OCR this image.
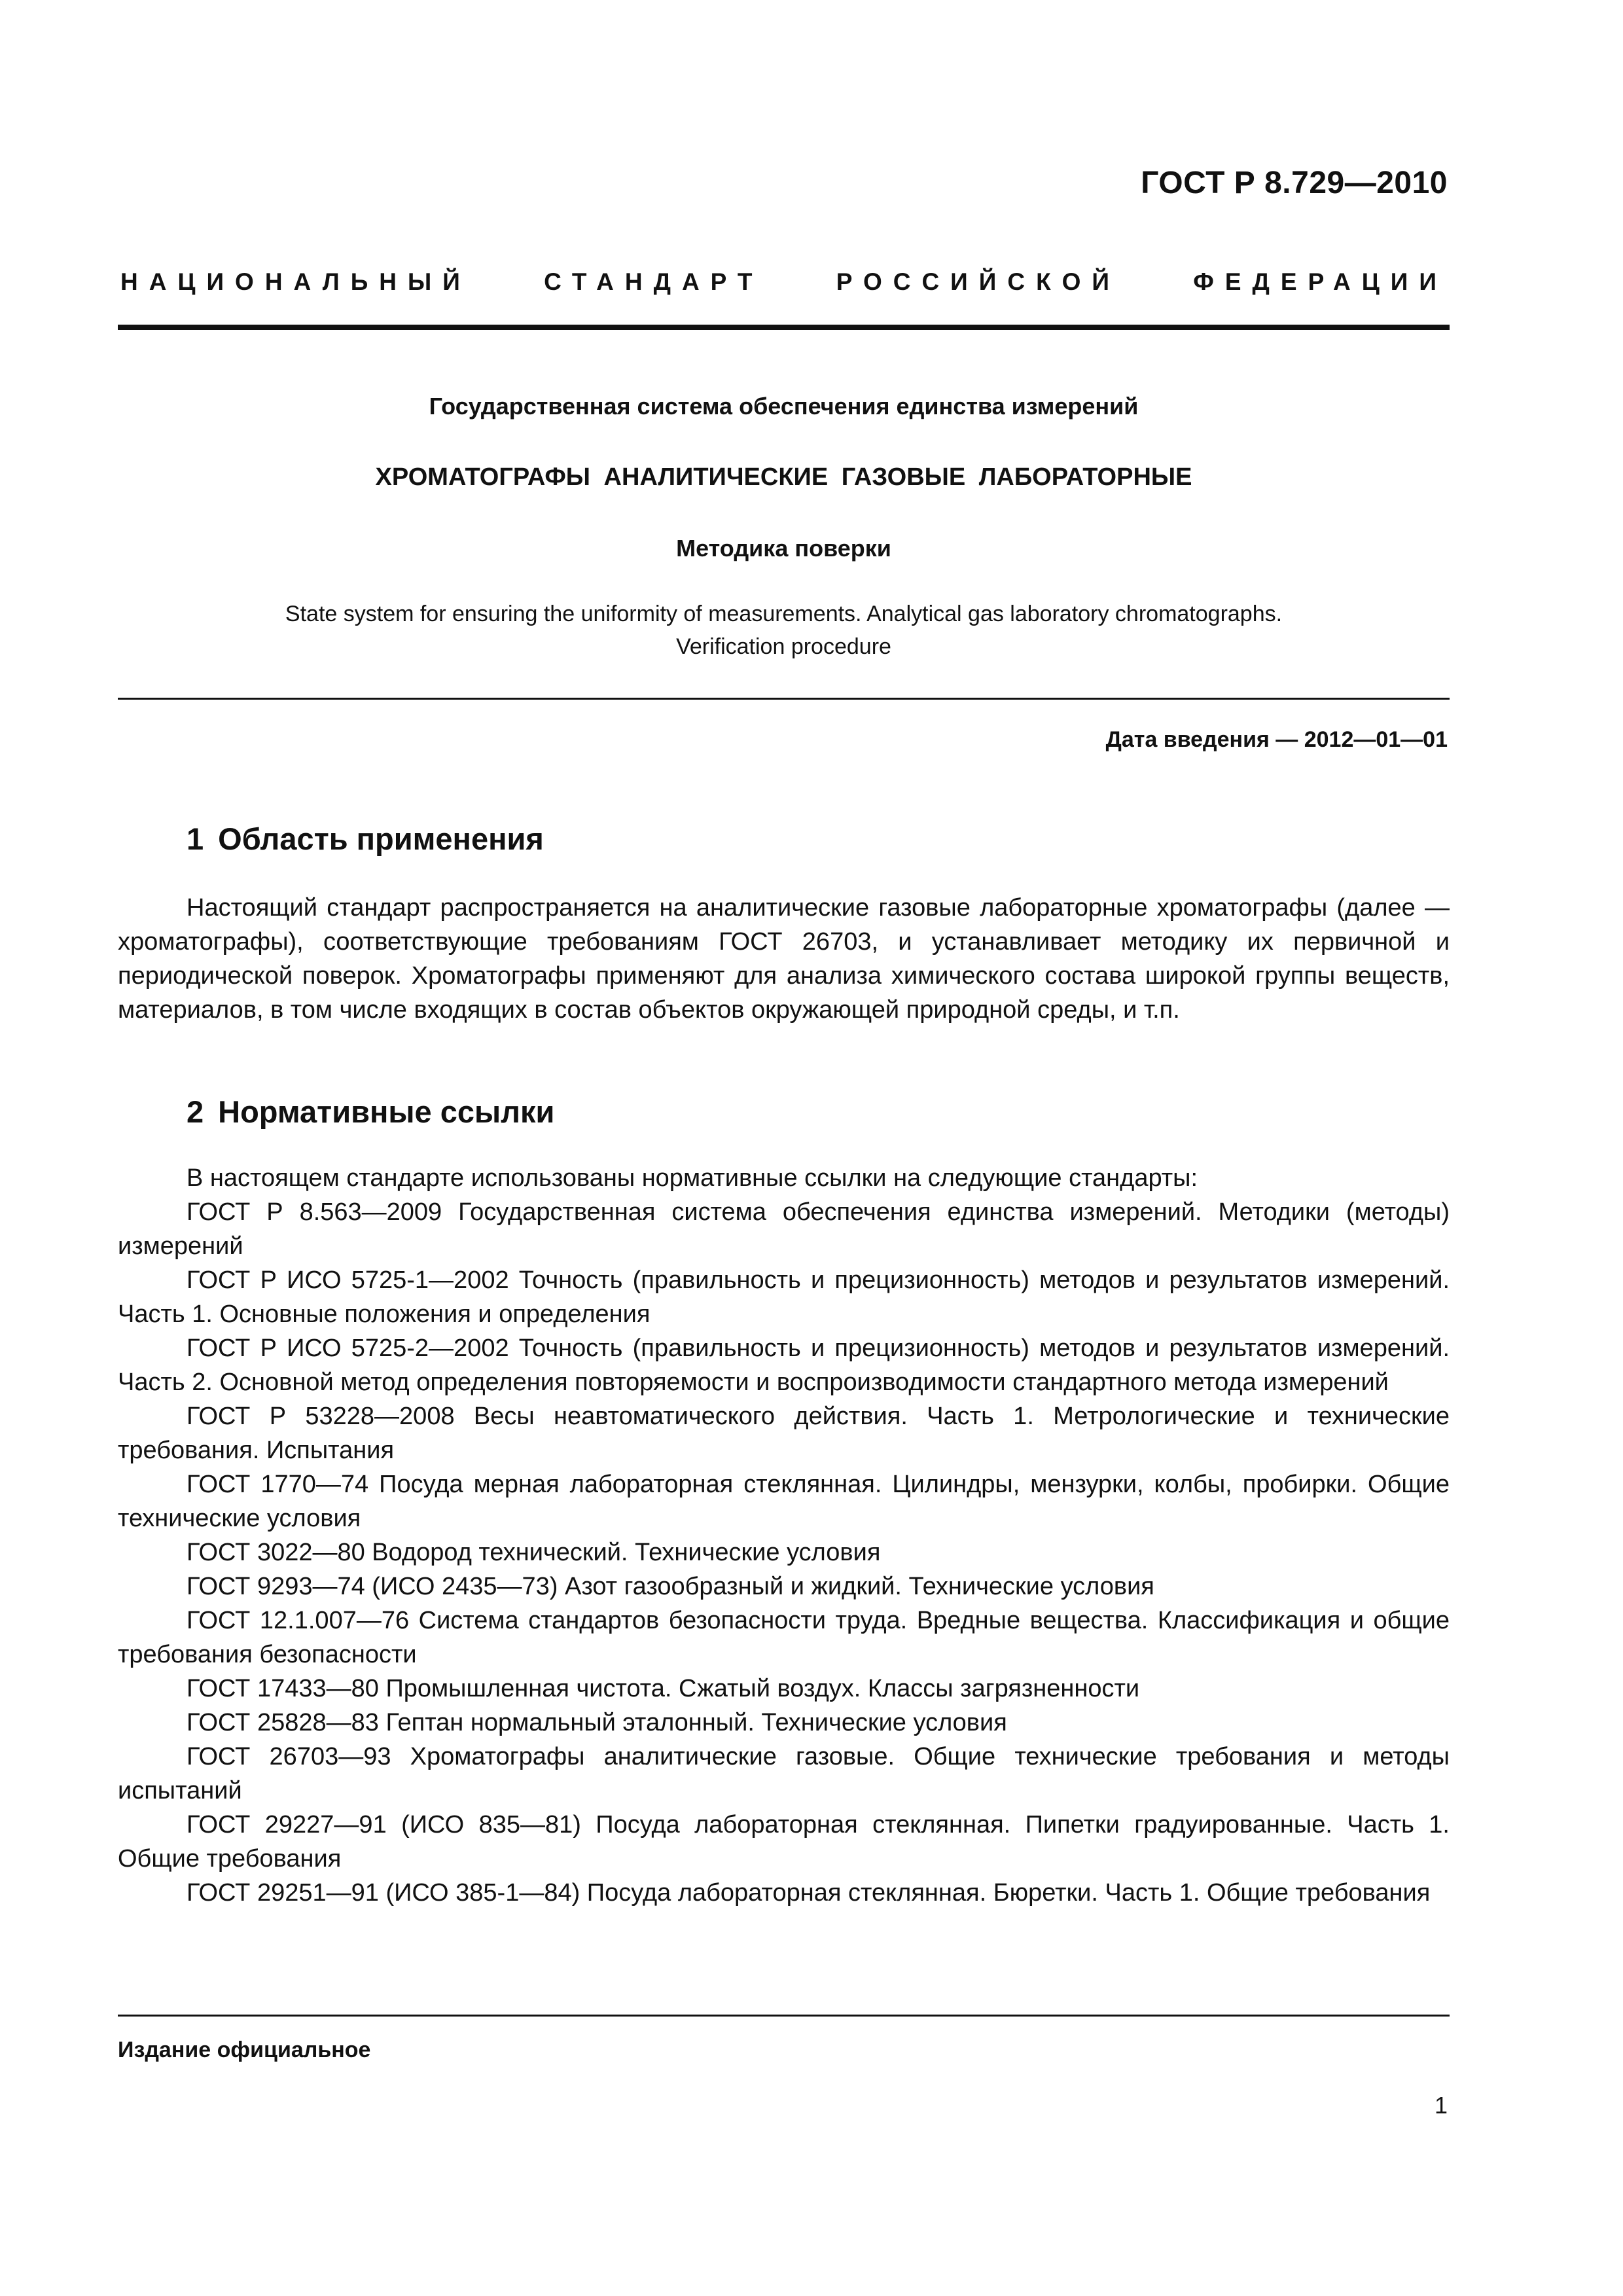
ГОСТ Р 8.729—2010
НАЦИОНАЛЬНЫЙ	СТАНДАРТ	РОССИЙСКОЙ	ФЕДЕРАЦИИ
Государственная система обеспечения единства измерений
ХРОМАТОГРАФЫ АНАЛИТИЧЕСКИЕ ГАЗОВЫЕ ЛАБОРАТОРНЫЕ
Методика поверки
State system for ensuring the uniformity of measurements. Analytical gas laboratory chromatographs.
Verification procedure
Дата введения — 2012—01—01
1 Область применения

Настоящий стандарт распространяется на аналитические газовые лабораторные хроматографы (далее — хроматографы), соответствующие требованиям ГОСТ 26703, и устанавливает методику их первичной и периодической поверок. Хроматографы применяют для анализа химического состава широкой группы веществ, материалов, в том числе входящих в состав объектов окружающей природной среды, и т.п.

2 Нормативные ссылки

В настоящем стандарте использованы нормативные ссылки на следующие стандарты:

ГОСТ Р 8.563—2009 Государственная система обеспечения единства измерений. Методики (методы) измерений

ГОСТ Р ИСО 5725-1—2002 Точность (правильность и прецизионность) методов и результатов измерений. Часть 1. Основные положения и определения

ГОСТ Р ИСО 5725-2—2002 Точность (правильность и прецизионность) методов и результатов измерений. Часть 2. Основной метод определения повторяемости и воспроизводимости стандартного метода измерений

ГОСТ Р 53228—2008 Весы неавтоматического действия. Часть 1. Метрологические и технические требования. Испытания

ГОСТ 1770—74 Посуда мерная лабораторная стеклянная. Цилиндры, мензурки, колбы, пробирки. Общие технические условия

ГОСТ 3022—80 Водород технический. Технические условия

ГОСТ 9293—74 (ИСО 2435—73) Азот газообразный и жидкий. Технические условия

ГОСТ 12.1.007—76 Система стандартов безопасности труда. Вредные вещества. Классификация и общие требования безопасности

ГОСТ 17433—80 Промышленная чистота. Сжатый воздух. Классы загрязненности

ГОСТ 25828—83 Гептан нормальный эталонный. Технические условия

ГОСТ 26703—93 Хроматографы аналитические газовые. Общие технические требования и методы испытаний

ГОСТ 29227—91 (ИСО 835—81) Посуда лабораторная стеклянная. Пипетки градуированные. Часть 1. Общие требования

ГОСТ 29251—91 (ИСО 385-1—84) Посуда лабораторная стеклянная. Бюретки. Часть 1. Общие требования

Издание официальное
1
